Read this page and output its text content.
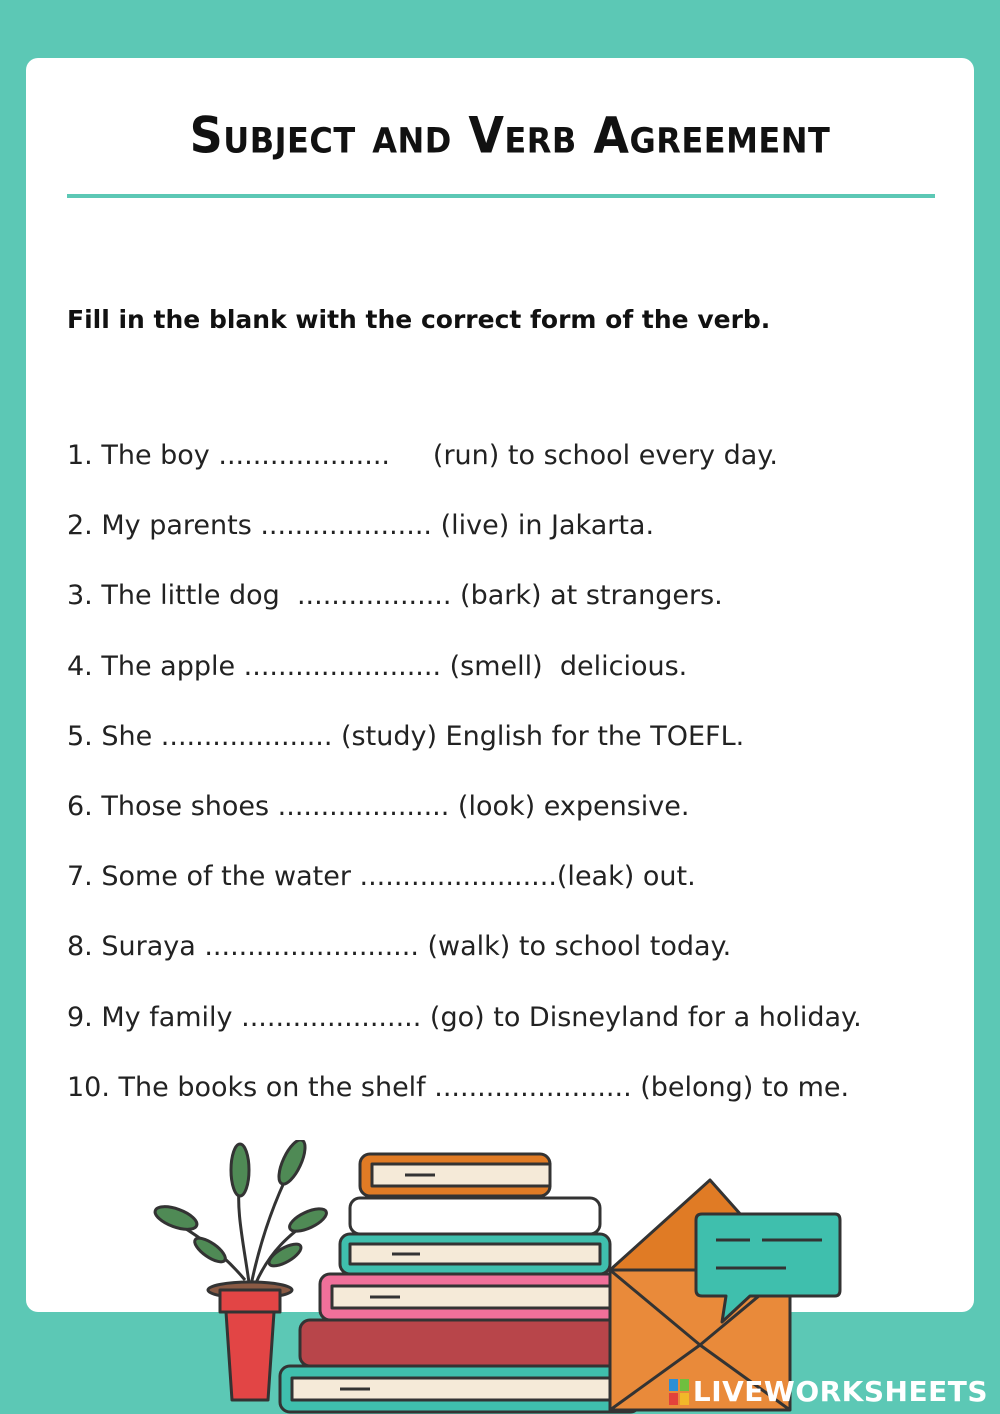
Subject and Verb Agreement
Fill in the blank with the correct form of the verb.
1. The boy ....................     (run) to school every day.
2. My parents .................... (live) in Jakarta.
3. The little dog  .................. (bark) at strangers.
4. The apple ....................... (smell)  delicious.
5. She .................... (study) English for the TOEFL.
6. Those shoes .................... (look) expensive.
7. Some of the water .......................(leak) out.
8. Suraya ......................... (walk) to school today.
9. My family ..................... (go) to Disneyland for a holiday.
10. The books on the shelf ....................... (belong) to me.
LIVEWORKSHEETS
